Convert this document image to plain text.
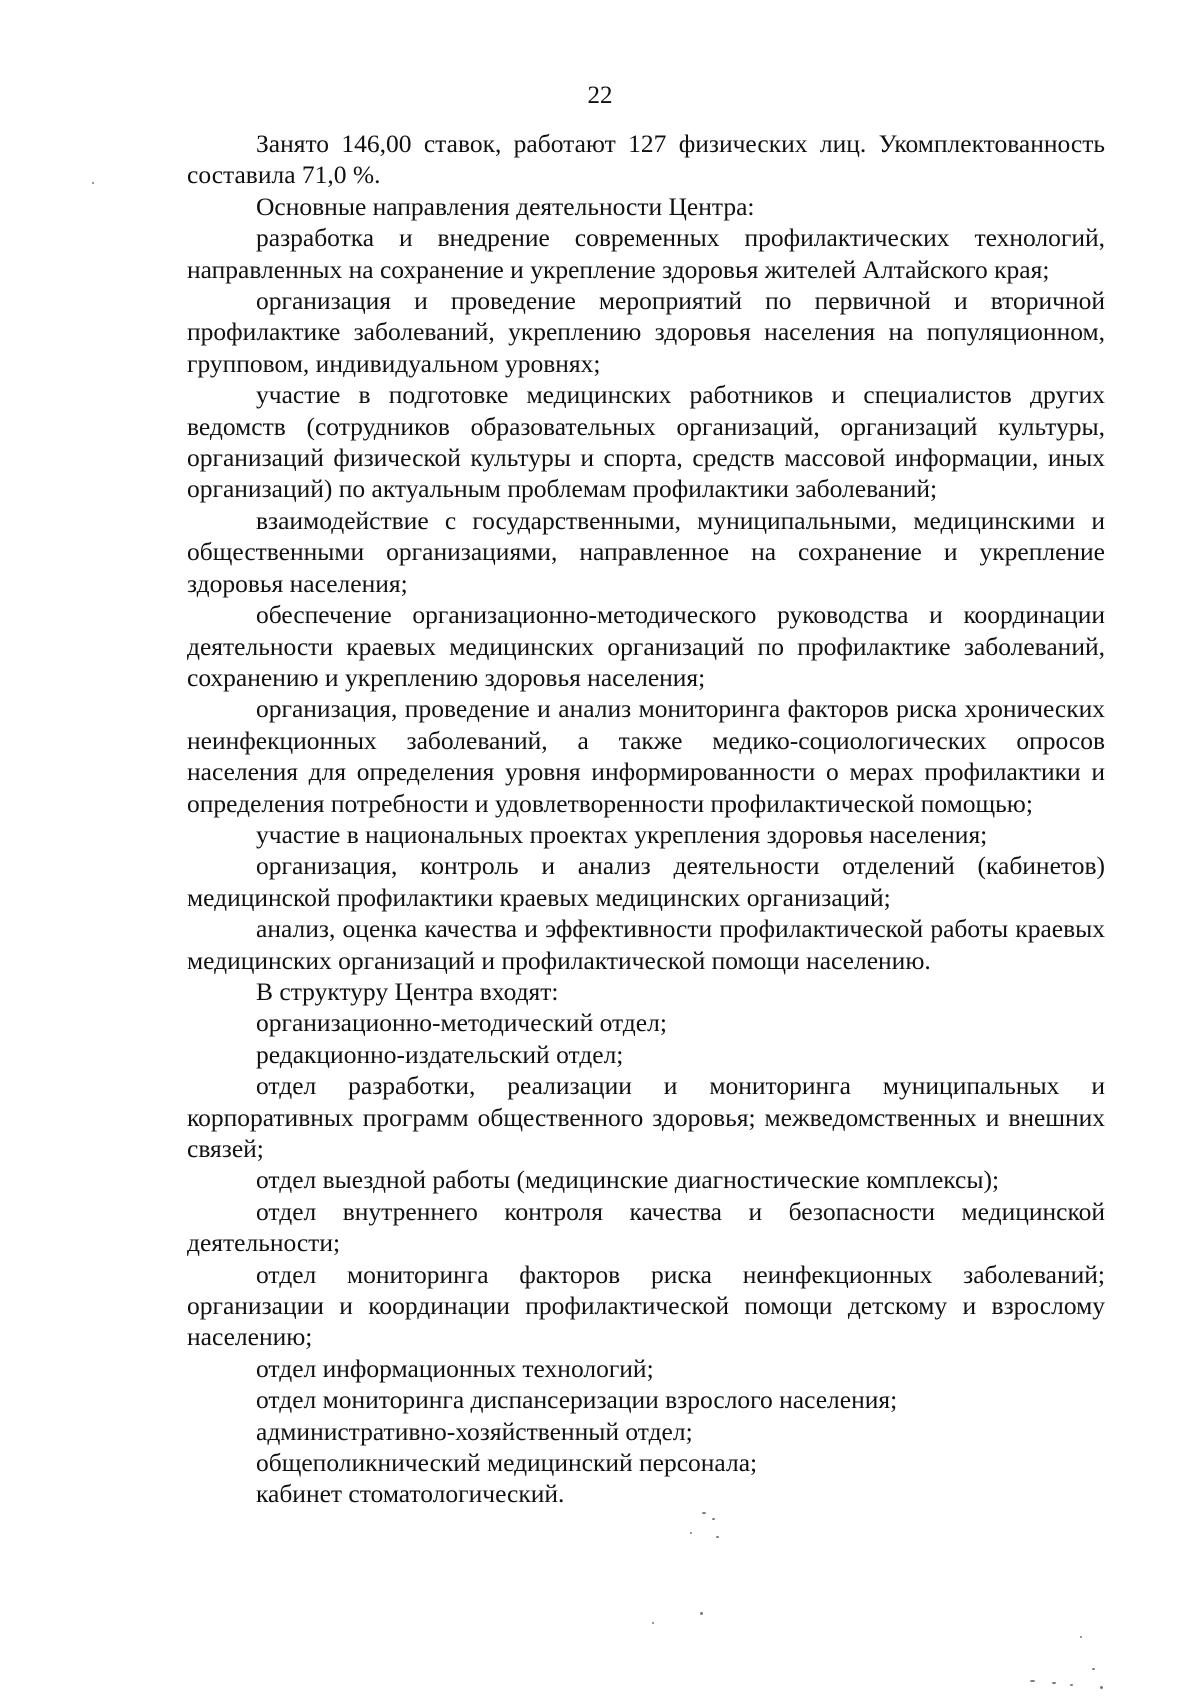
22

Занято 146,00 ставок, работают 127 физических лиц. Укомплектованность составила 71,0 %.

Основные направления деятельности Центра:

разработка и внедрение современных профилактических технологий, направленных на сохранение и укрепление здоровья жителей Алтайского края;

организация и проведение мероприятий по первичной и вторичной профилактике заболеваний, укреплению здоровья населения на популяционном, групповом, индивидуальном уровнях;

участие в подготовке медицинских работников и специалистов других ведомств (сотрудников образовательных организаций, организаций культуры, организаций физической культуры и спорта, средств массовой информации, иных организаций) по актуальным проблемам профилактики заболеваний;

взаимодействие с государственными, муниципальными, медицинскими и общественными организациями, направленное на сохранение и укрепление здоровья населения;

обеспечение организационно-методического руководства и координации деятельности краевых медицинских организаций по профилактике заболеваний, сохранению и укреплению здоровья населения;

организация, проведение и анализ мониторинга факторов риска хронических неинфекционных заболеваний, а также медико-социологических опросов населения для определения уровня информированности о мерах профилактики и определения потребности и удовлетворенности профилактической помощью;

участие в национальных проектах укрепления здоровья населения;

организация, контроль и анализ деятельности отделений (кабинетов) медицинской профилактики краевых медицинских организаций;

анализ, оценка качества и эффективности профилактической работы краевых медицинских организаций и профилактической помощи населению.

В структуру Центра входят:

организационно-методический отдел;

редакционно-издательский отдел;

отдел разработки, реализации и мониторинга муниципальных и корпоративных программ общественного здоровья; межведомственных и внешних связей;

отдел выездной работы (медицинские диагностические комплексы);

отдел внутреннего контроля качества и безопасности медицинской деятельности;

отдел мониторинга факторов риска неинфекционных заболеваний; организации и координации профилактической помощи детскому и взрослому населению;

отдел информационных технологий;

отдел мониторинга диспансеризации взрослого населения;

административно-хозяйственный отдел;

общеполикнический медицинский персонала;

кабинет стоматологический.
